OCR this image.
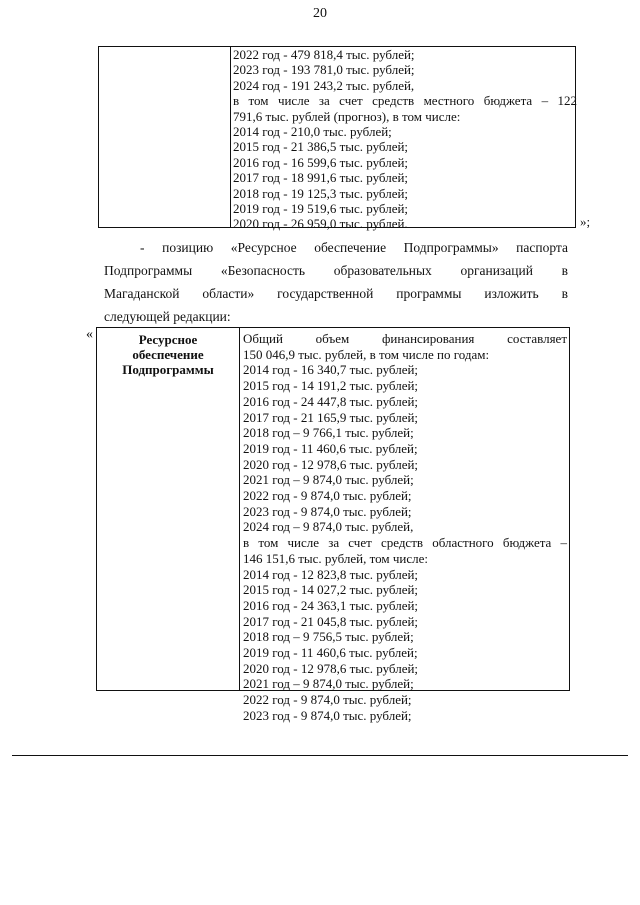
20
2022 год - 479 818,4 тыс. рублей;
2023 год - 193 781,0 тыс. рублей;
2024 год - 191 243,2 тыс. рублей,
в том числе за счет средств местного бюджета – 122
791,6 тыс. рублей (прогноз), в том числе:
2014 год - 210,0 тыс. рублей;
2015 год - 21 386,5 тыс. рублей;
2016 год - 16 599,6 тыс. рублей;
2017 год - 18 991,6 тыс. рублей;
2018 год - 19 125,3 тыс. рублей;
2019 год - 19 519,6 тыс. рублей;
2020 год - 26 959,0 тыс. рублей.	»;
- позицию «Ресурсное обеспечение Подпрограммы» паспорта
Подпрограммы «Безопасность образовательных организаций в
Магаданской области» государственной программы изложить в
следующей редакции:
«	Ресурсное
обеспечение
Подпрограммы
Общий объем финансирования составляет
150 046,9 тыс. рублей, в том числе по годам:
2014 год - 16 340,7 тыс. рублей;
2015 год - 14 191,2 тыс. рублей;
2016 год - 24 447,8 тыс. рублей;
2017 год - 21 165,9 тыс. рублей;
2018 год – 9 766,1 тыс. рублей;
2019 год - 11 460,6 тыс. рублей;
2020 год - 12 978,6 тыс. рублей;
2021 год – 9 874,0 тыс. рублей;
2022 год - 9 874,0 тыс. рублей;
2023 год - 9 874,0 тыс. рублей;
2024 год – 9 874,0 тыс. рублей,
в том числе за счет средств областного бюджета –
146 151,6 тыс. рублей, том числе:
2014 год - 12 823,8 тыс. рублей;
2015 год - 14 027,2 тыс. рублей;
2016 год - 24 363,1 тыс. рублей;
2017 год - 21 045,8 тыс. рублей;
2018 год – 9 756,5 тыс. рублей;
2019 год - 11 460,6 тыс. рублей;
2020 год - 12 978,6 тыс. рублей;
2021 год – 9 874,0 тыс. рублей;
2022 год - 9 874,0 тыс. рублей;
2023 год - 9 874,0 тыс. рублей;
